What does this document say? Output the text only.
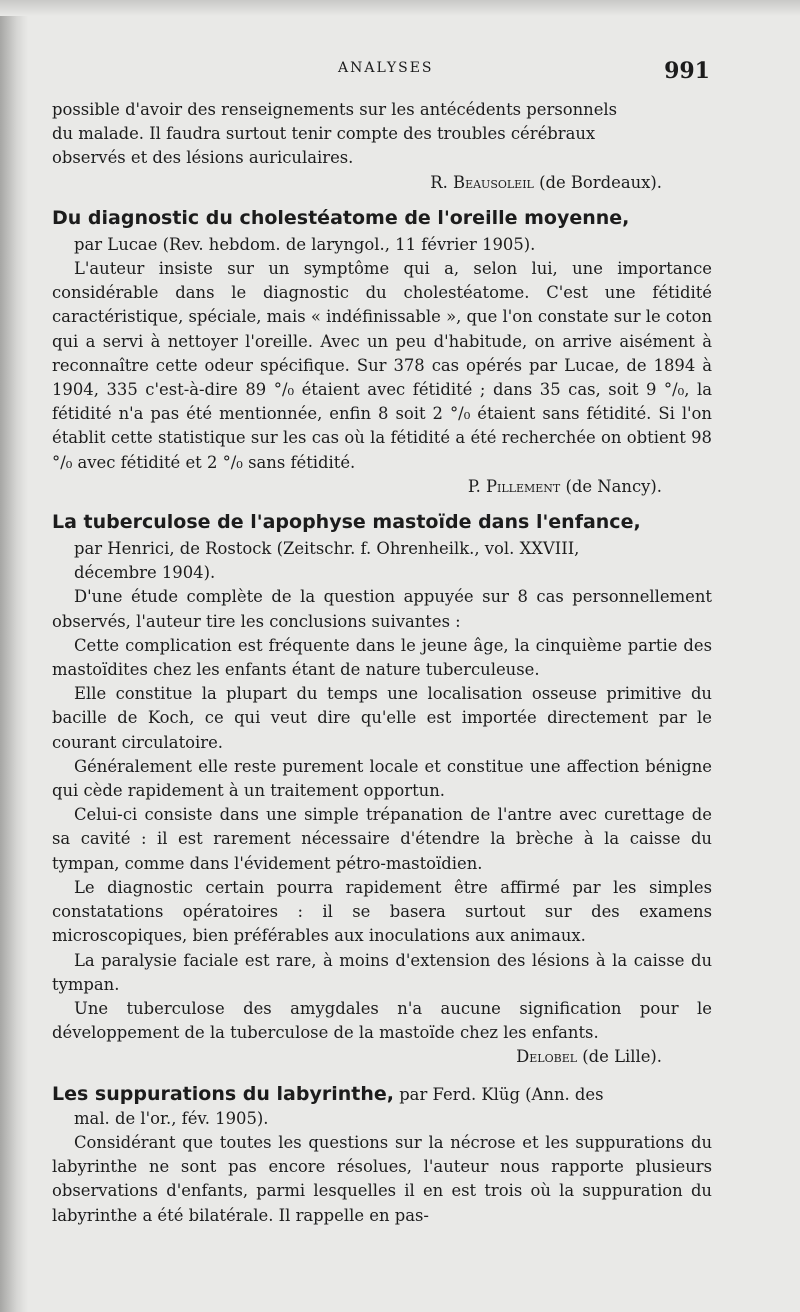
ANALYSES	991
possible d'avoir des renseignements sur les antécédents personnels
du malade. Il faudra surtout tenir compte des troubles cérébraux
observés et des lésions auriculaires.
R. Beausoleil (de Bordeaux).
Du diagnostic du cholestéatome de l'oreille moyenne,
par Lucae (Rev. hebdom. de laryngol., 11 février 1905).

L'auteur insiste sur un symptôme qui a, selon lui, une importance considérable dans le diagnostic du cholestéatome. C'est une fétidité caractéristique, spéciale, mais « indéfinissable », que l'on constate sur le coton qui a servi à nettoyer l'oreille. Avec un peu d'habitude, on arrive aisément à reconnaître cette odeur spécifique. Sur 378 cas opérés par Lucae, de 1894 à 1904, 335 c'est-à-dire 89 °/₀ étaient avec fétidité ; dans 35 cas, soit 9 °/₀, la fétidité n'a pas été mentionnée, enfin 8 soit 2 °/₀ étaient sans fétidité. Si l'on établit cette statistique sur les cas où la fétidité a été recherchée on obtient 98 °/₀ avec fétidité et 2 °/₀ sans fétidité.

P. Pillement (de Nancy).
La tuberculose de l'apophyse mastoïde dans l'enfance,
par Henrici, de Rostock (Zeitschr. f. Ohrenheilk., vol. XXVIII,
décembre 1904).

D'une étude complète de la question appuyée sur 8 cas personnellement observés, l'auteur tire les conclusions suivantes :

Cette complication est fréquente dans le jeune âge, la cinquième partie des mastoïdites chez les enfants étant de nature tuberculeuse.

Elle constitue la plupart du temps une localisation osseuse primitive du bacille de Koch, ce qui veut dire qu'elle est importée directement par le courant circulatoire.

Généralement elle reste purement locale et constitue une affection bénigne qui cède rapidement à un traitement opportun.

Celui-ci consiste dans une simple trépanation de l'antre avec curettage de sa cavité : il est rarement nécessaire d'étendre la brèche à la caisse du tympan, comme dans l'évidement pétro-mastoïdien.

Le diagnostic certain pourra rapidement être affirmé par les simples constatations opératoires : il se basera surtout sur des examens microscopiques, bien préférables aux inoculations aux animaux.

La paralysie faciale est rare, à moins d'extension des lésions à la caisse du tympan.

Une tuberculose des amygdales n'a aucune signification pour le développement de la tuberculose de la mastoïde chez les enfants.

Delobel (de Lille).
Les suppurations du labyrinthe, par Ferd. Klüg (Ann. des
mal. de l'or., fév. 1905).

Considérant que toutes les questions sur la nécrose et les suppurations du labyrinthe ne sont pas encore résolues, l'auteur nous rapporte plusieurs observations d'enfants, parmi lesquelles il en est trois où la suppuration du labyrinthe a été bilatérale. Il rappelle en pas-
